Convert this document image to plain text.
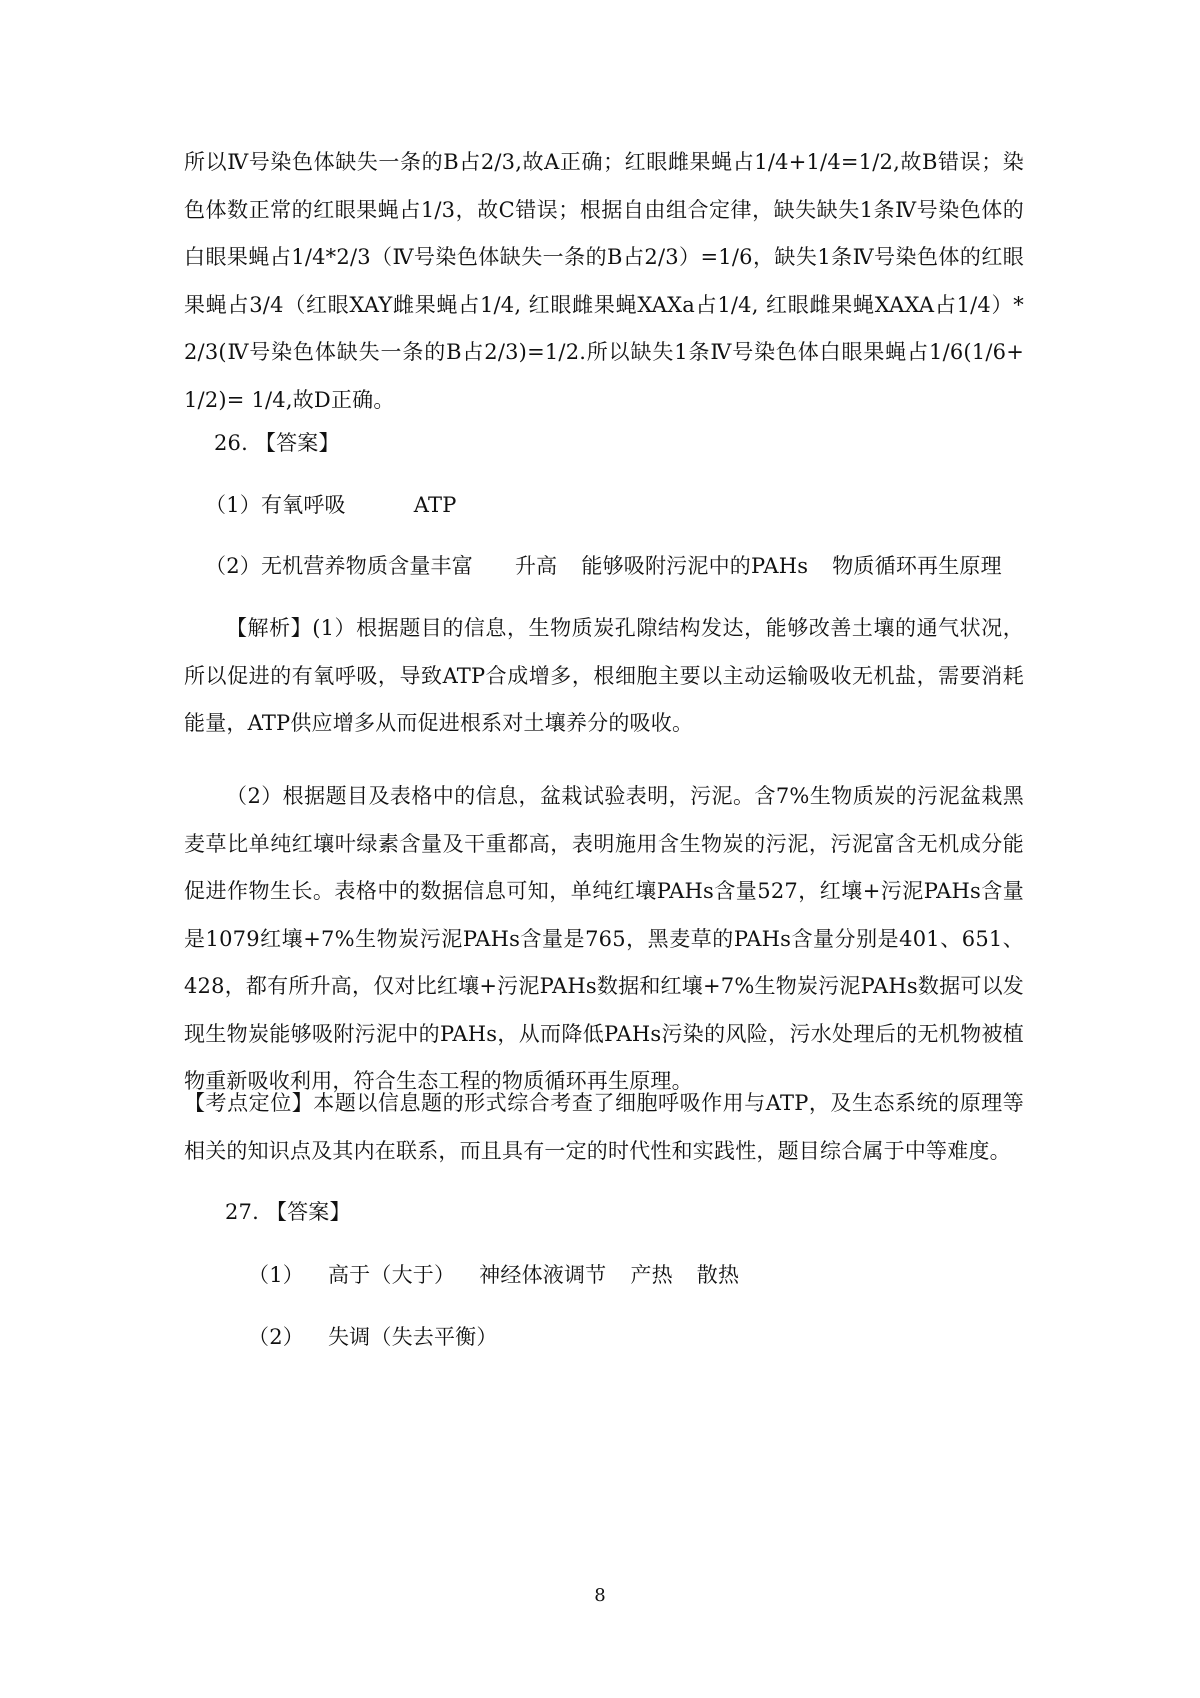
所以Ⅳ号染色体缺失一条的B占2/3,故A正确；红眼雌果蝇占1/4+1/4=1/2,故B错误；染色体数正常的红眼果蝇占1/3，故C错误；根据自由组合定律，缺失缺失1条Ⅳ号染色体的白眼果蝇占1/4*2/3（Ⅳ号染色体缺失一条的B占2/3）=1/6，缺失1条Ⅳ号染色体的红眼果蝇占3/4（红眼XAY雌果蝇占1/4, 红眼雌果蝇XAXa占1/4, 红眼雌果蝇XAXA占1/4）*2/3(Ⅳ号染色体缺失一条的B占2/3)=1/2.所以缺失1条Ⅳ号染色体白眼果蝇占1/6(1/6+1/2)= 1/4,故D正确。
26. 【答案】
（1）有氧呼吸	ATP
（2）无机营养物质含量丰富 升高 能够吸附污泥中的PAHs 物质循环再生原理
【解析】(1）根据题目的信息，生物质炭孔隙结构发达，能够改善土壤的通气状况，所以促进的有氧呼吸，导致ATP合成增多，根细胞主要以主动运输吸收无机盐，需要消耗能量，ATP供应增多从而促进根系对土壤养分的吸收。
（2）根据题目及表格中的信息，盆栽试验表明，污泥。含7%生物质炭的污泥盆栽黑麦草比单纯红壤叶绿素含量及干重都高，表明施用含生物炭的污泥，污泥富含无机成分能促进作物生长。表格中的数据信息可知，单纯红壤PAHs含量527，红壤+污泥PAHs含量是1079红壤+7%生物炭污泥PAHs含量是765，黑麦草的PAHs含量分别是401、651、428，都有所升高，仅对比红壤+污泥PAHs数据和红壤+7%生物炭污泥PAHs数据可以发现生物炭能够吸附污泥中的PAHs，从而降低PAHs污染的风险，污水处理后的无机物被植物重新吸收利用，符合生态工程的物质循环再生原理。
【考点定位】本题以信息题的形式综合考查了细胞呼吸作用与ATP，及生态系统的原理等相关的知识点及其内在联系，而且具有一定的时代性和实践性，题目综合属于中等难度。
27. 【答案】
（1） 高于（大于） 神经体液调节 产热 散热
（2） 失调（失去平衡）
8
